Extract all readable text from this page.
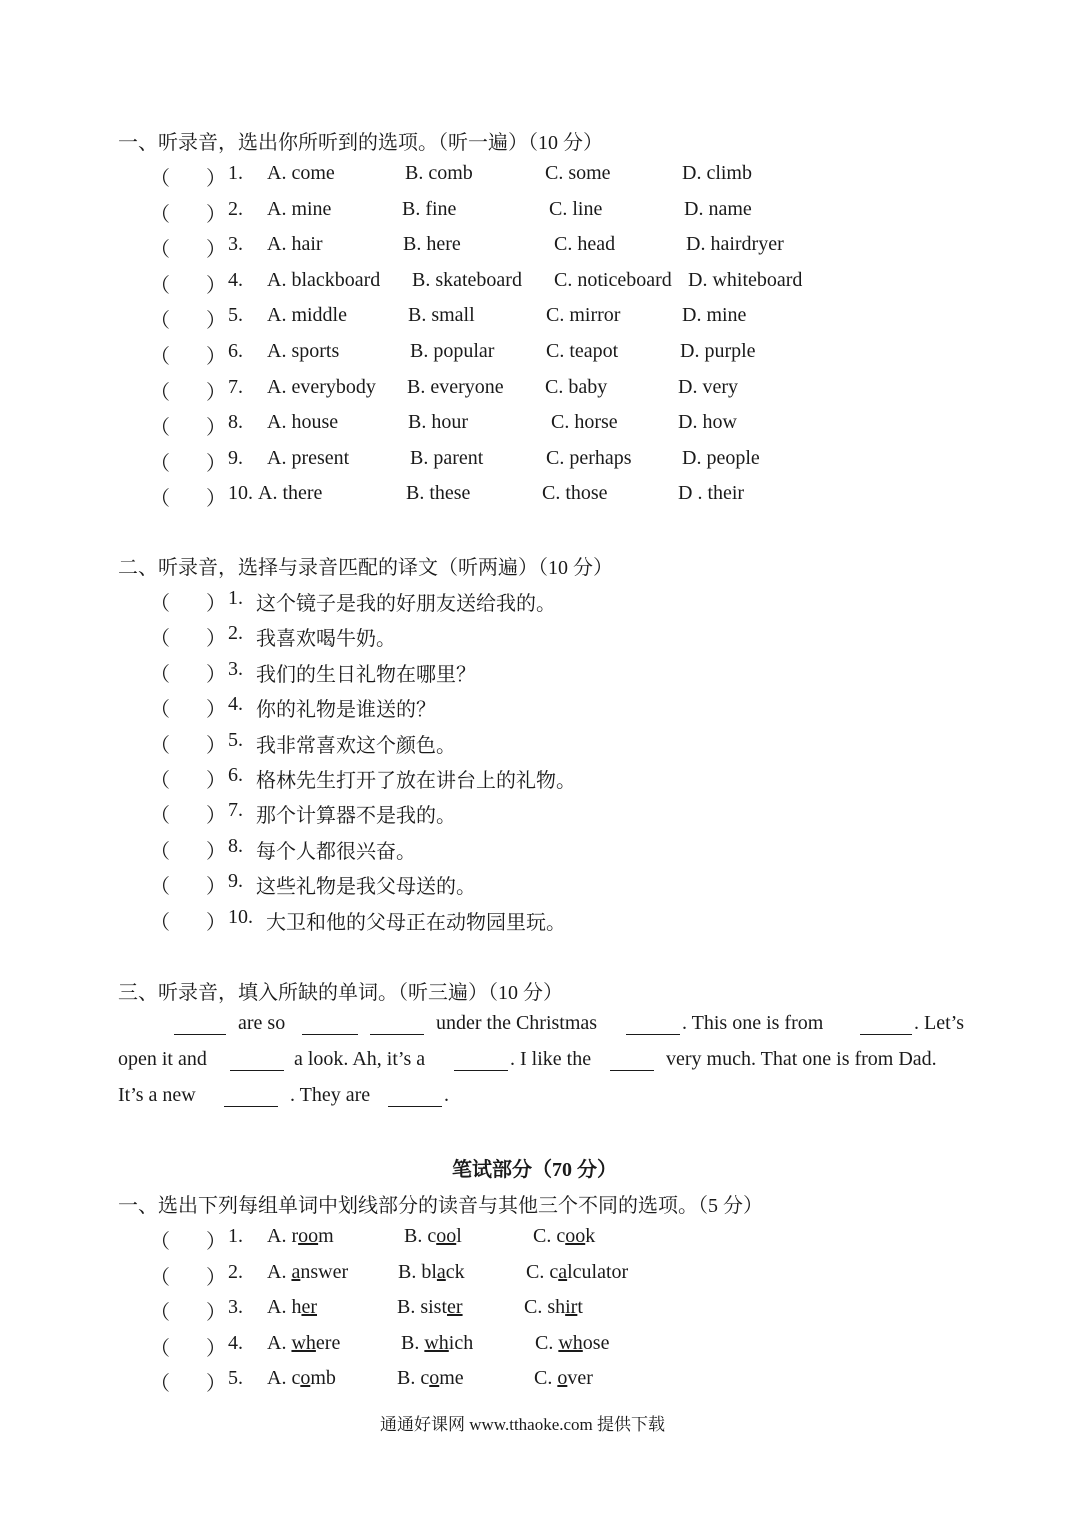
一、听录音，选出你所听到的选项。（听一遍）（10 分）
（ ） 1. A. come	B. comb	C. some	D. climb
（ ） 2. A. mine	B. fine	C. line	D. name
（ ） 3. A. hair	B. here	C. head	D. hairdryer
（ ） 4. A. blackboard B. skateboard C. noticeboard D. whiteboard
（ ） 5. A. middle	B. small	C. mirror	D. mine
（ ） 6. A. sports	B. popular	C. teapot	D. purple
（ ） 7. A. everybody B. everyone C. baby	D. very
（ ） 8. A. house	B. hour	C. horse	D. how
（ ） 9. A. present	B. parent	C. perhaps	D. people
（ ） 10. A. there	B. these	C. those	D . their
二、听录音，选择与录音匹配的译文（听两遍）（10 分）
（ ） 1. 这个镜子是我的好朋友送给我的。
（ ） 2. 我喜欢喝牛奶。
（ ） 3. 我们的生日礼物在哪里？
（ ） 4. 你的礼物是谁送的？
（ ） 5. 我非常喜欢这个颜色。
（ ） 6. 格林先生打开了放在讲台上的礼物。
（ ） 7. 那个计算器不是我的。
（ ） 8. 每个人都很兴奋。
（ ） 9. 这些礼物是我父母送的。
（ ） 10. 大卫和他的父母正在动物园里玩。
三、听录音，填入所缺的单词。（听三遍）（10 分）
are so	under the Christmas	. This one is from	. Let’s
open it and	a look. Ah, it’s a	. I like the	very much. That one is from Dad.
It’s a new	. They are	.
笔试部分（70 分）
一、选出下列每组单词中划线部分的读音与其他三个不同的选项。（5 分）
（ ） 1. A. room	B. cool	C. cook
（ ） 2. A. answer B. black	C. calculator
（ ） 3. A. her	B. sister	C. shirt
（ ） 4. A. where	B. which	C. whose
（ ） 5. A. comb	B. come	C. over
通通好课网 www.tthaoke.com 提供下载
